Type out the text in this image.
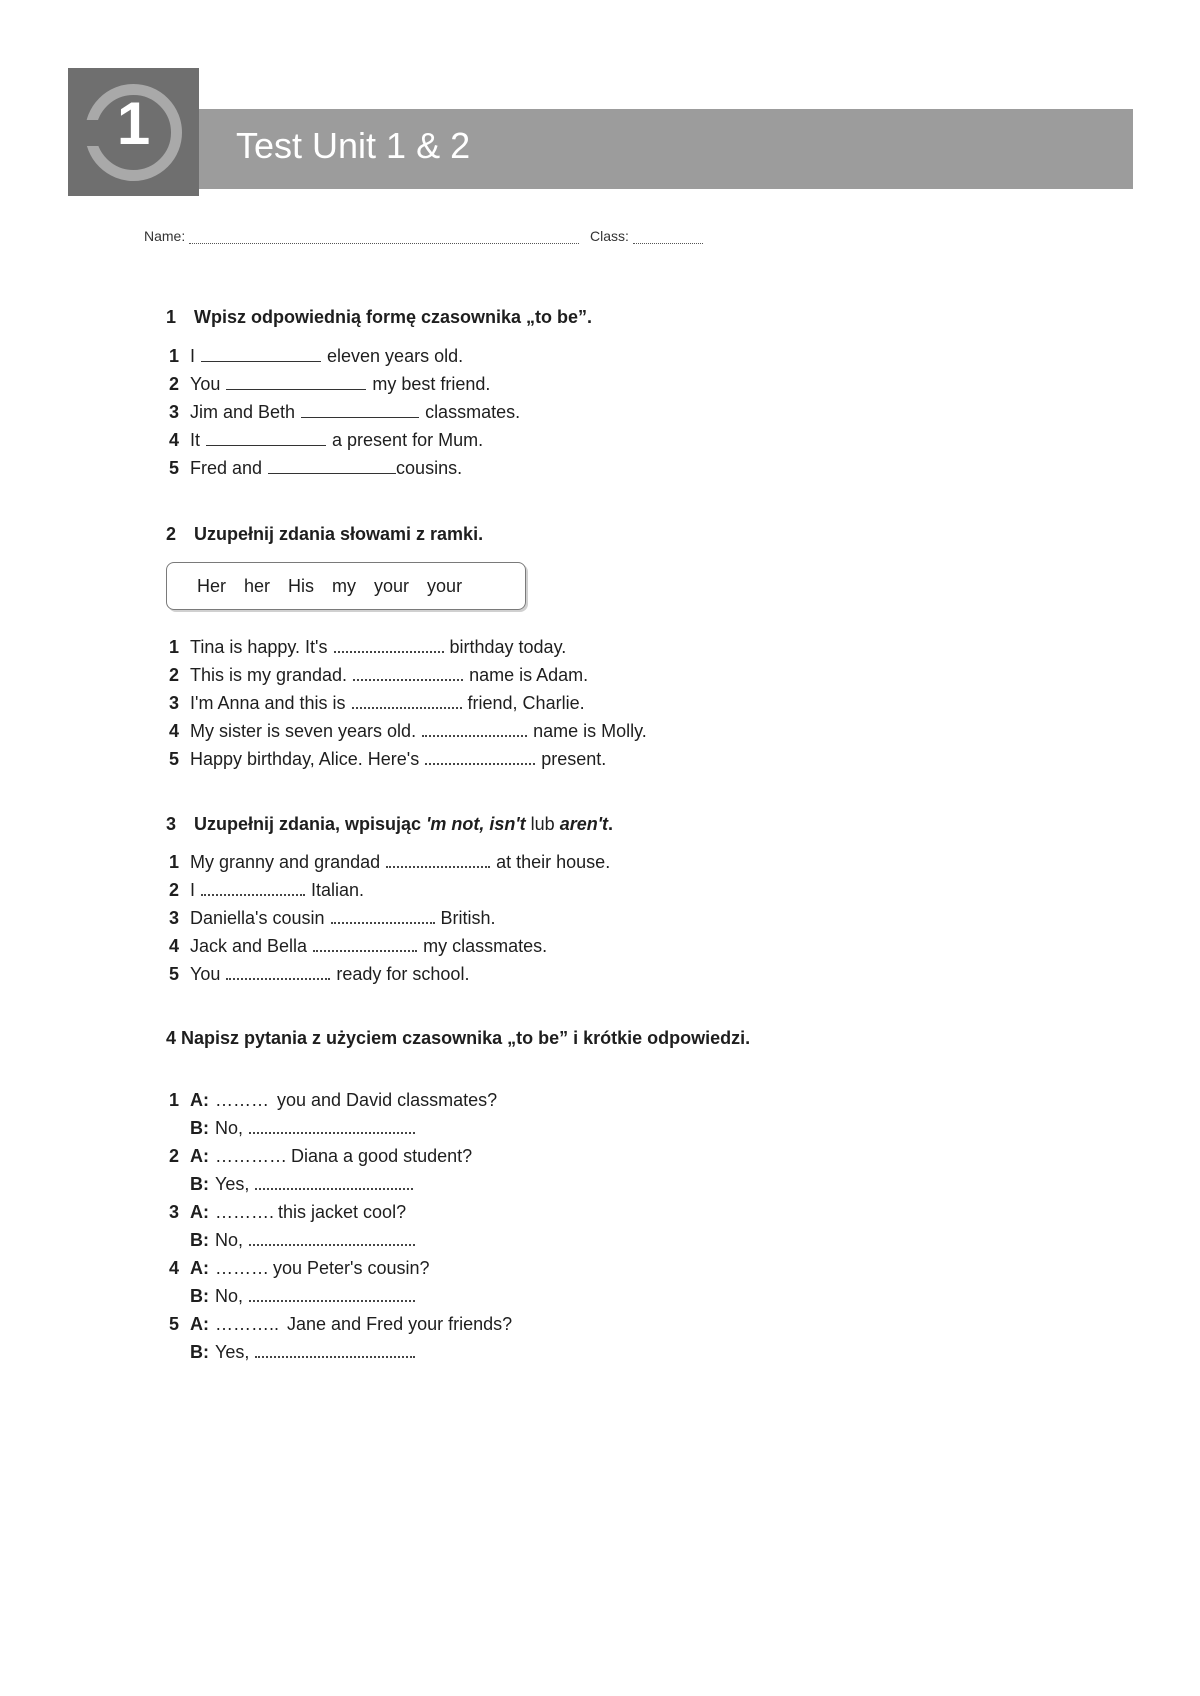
1	Test Unit 1 & 2
Name:	Class:
1 Wpisz odpowiednią formę czasownika „to be”.
1 I	eleven years old.
2 You	my best friend.
3 Jim and Beth	classmates.
4 It	a present for Mum.
5 Fred and	cousins.
2 Uzupełnij zdania słowami z ramki.
Her her His my your your
1 Tina is happy. It's	birthday today.
2 This is my grandad.	name is Adam.
3 I'm Anna and this is	friend, Charlie.
4 My sister is seven years old.	name is Molly.
5 Happy birthday, Alice. Here's	present.
3 Uzupełnij zdania, wpisując 'm not, isn't lub aren't.
1 My granny and grandad	at their house.
2 I	Italian.
3 Daniella's cousin	British.
4 Jack and Bella	my classmates.
5 You	ready for school.
4 Napisz pytania z użyciem czasownika „to be” i krótkie odpowiedzi.
1 A: ……… you and David classmates?
B: No,
2 A: ………… Diana a good student?
B: Yes,
3 A: ………. this jacket cool?
B: No,
4 A: ……… you Peter's cousin?
B: No,
5 A: ……….. Jane and Fred your friends?
B: Yes,
